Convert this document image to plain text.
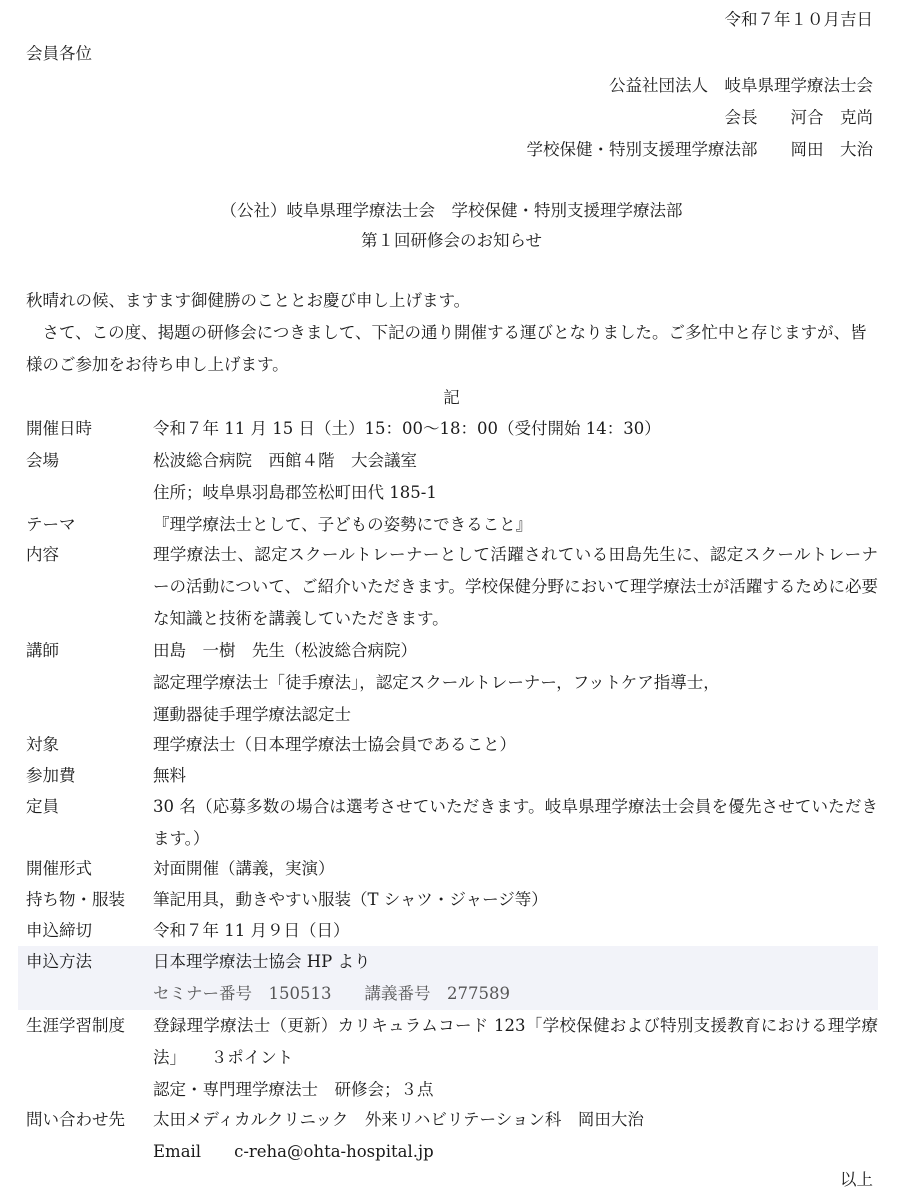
令和７年１０月吉日
会員各位
公益社団法人　岐阜県理学療法士会
会長　　河合　克尚
学校保健・特別支援理学療法部　　岡田　大治
（公社）岐阜県理学療法士会　学校保健・特別支援理学療法部
第１回研修会のお知らせ
秋晴れの候、ますます御健勝のこととお慶び申し上げます。
さて、この度、掲題の研修会につきまして、下記の通り開催する運びとなりました。ご多忙中と存じますが、皆様のご参加をお待ち申し上げます。
記
開催日時	令和７年 11 月 15 日（土）15：00〜18：00（受付開始 14：30）
会場	松波総合病院　西館４階　大会議室
住所；岐阜県羽島郡笠松町田代 185-1
テーマ	『理学療法士として、子どもの姿勢にできること』
内容	理学療法士、認定スクールトレーナーとして活躍されている田島先生に、認定スクールトレーナーの活動について、ご紹介いただきます。学校保健分野において理学療法士が活躍するために必要な知識と技術を講義していただきます。
講師	田島　一樹　先生（松波総合病院）
認定理学療法士「徒手療法」，認定スクールトレーナー，フットケア指導士，
運動器徒手理学療法認定士
対象	理学療法士（日本理学療法士協会員であること）
参加費	無料
定員	30 名（応募多数の場合は選考させていただきます。岐阜県理学療法士会員を優先させていただきます。）
開催形式	対面開催（講義，実演）
持ち物・服装 筆記用具，動きやすい服装（T シャツ・ジャージ等）
申込締切	令和７年 11 月９日（日）
申込方法	日本理学療法士協会 HP より
セミナー番号　150513　　講義番号　277589
生涯学習制度 登録理学療法士（更新）カリキュラムコード 123「学校保健および特別支援教育における理学療法」　　３ポイント
認定・専門理学療法士　研修会；３点
問い合わせ先 太田メディカルクリニック　外来リハビリテーション科　岡田大治
Email　　c-reha@ohta-hospital.jp
以上
